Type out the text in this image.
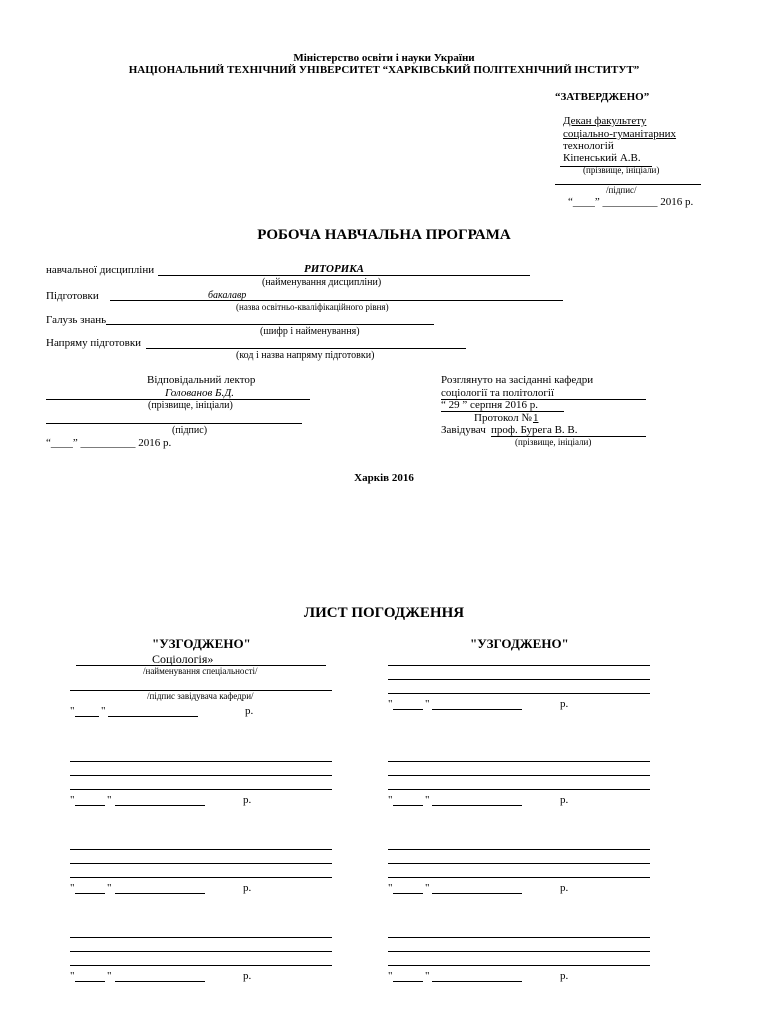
Міністерство освіти і науки України
НАЦІОНАЛЬНИЙ ТЕХНІЧНИЙ УНІВЕРСИТЕТ “ХАРКІВСЬКИЙ ПОЛІТЕХНІЧНИЙ ІНСТИТУТ”
“ЗАТВЕРДЖЕНО”
Декан факультету
соціально-гуманітарних
технологій
Кіпенський А.В.
(прізвище, ініціали)
/підпис/
“____” __________ 2016 р.
РОБОЧА НАВЧАЛЬНА ПРОГРАМА
навчальної дисципліни	РИТОРИКА
(найменування дисципліни)
Підготовки	бакалавр
(назва освітньо-кваліфікаційного рівня)
Галузь знань
(шифр і найменування)
Напряму підготовки
(код і назва напряму підготовки)
Відповідальний лектор
Голованов Б.Д.
(прізвище, ініціали)
(підпис)
“____” __________ 2016 р.
Розглянуто на засіданні кафедри
соціології та політології
“ 29 ” серпня 2016 р.
Протокол № 1
Завідувач проф. Бурега В. В.
(прізвище, ініціали)
Харків 2016
ЛИСТ ПОГОДЖЕННЯ
"УЗГОДЖЕНО"	"УЗГОДЖЕНО"
Соціологія»
/найменування спеціальності/
/підпис завідувача кафедри/
" "	р.
"	"	р.
"	"	р.
"	"	р.
"	"	р.
"	"	р.
"	"	р.
"	"	р.
